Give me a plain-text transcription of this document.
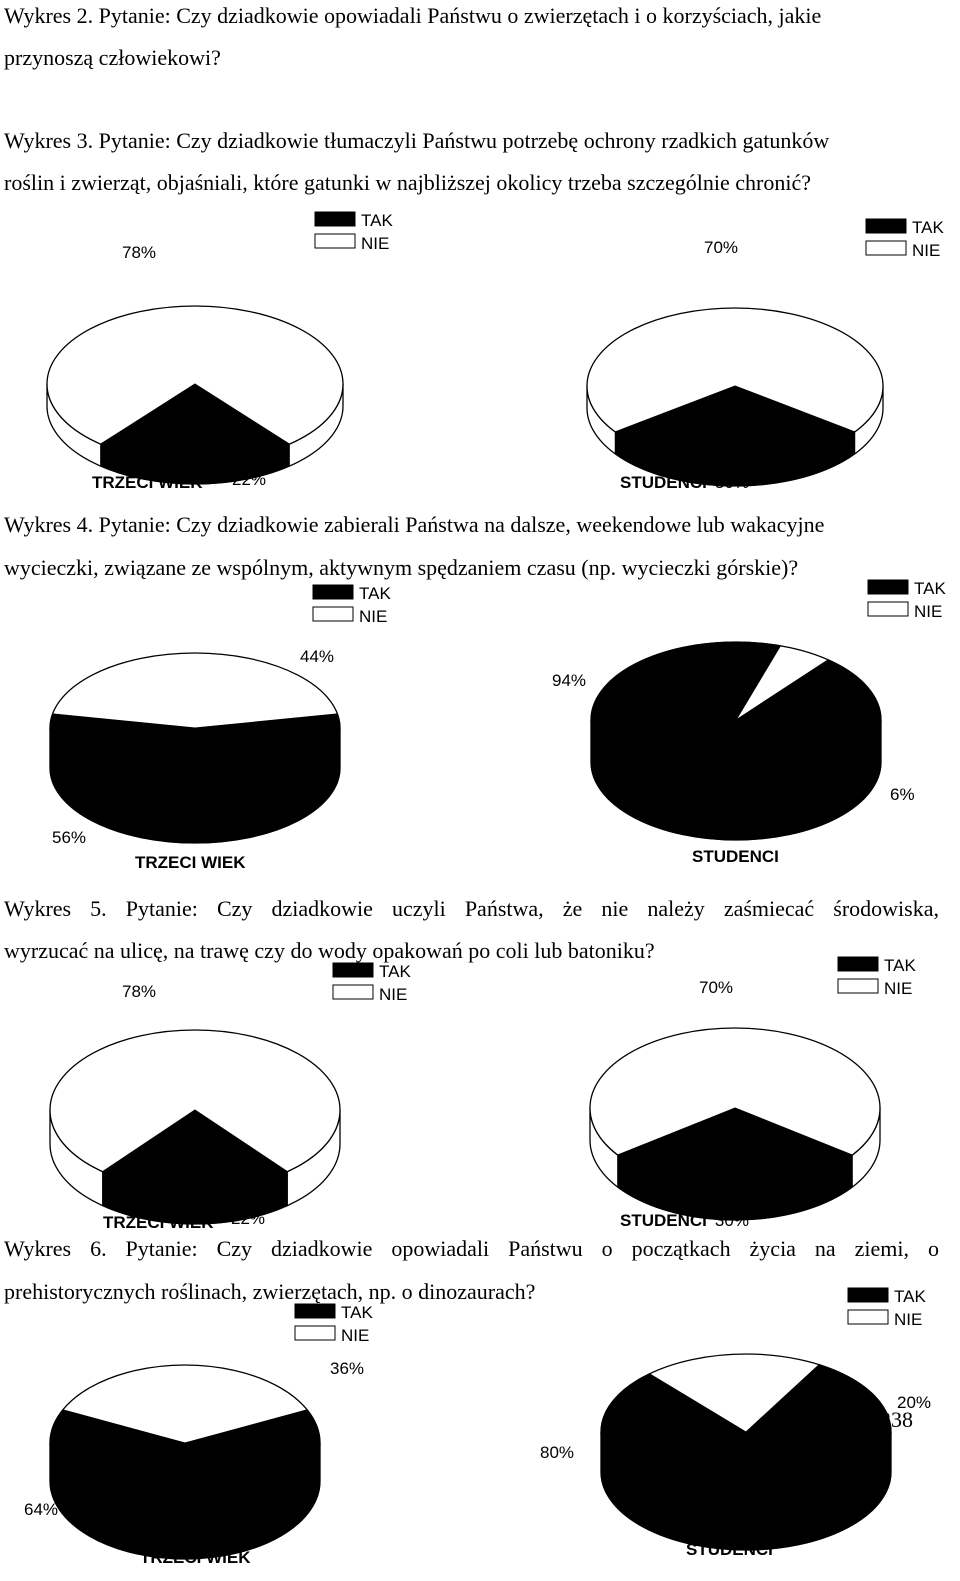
Wykres 2. Pytanie: Czy dziadkowie opowiadali Państwu o zwierzętach i o korzyściach, jakie
przynoszą człowiekowi?
Wykres 3. Pytanie: Czy dziadkowie tłumaczyli Państwu potrzebę ochrony rzadkich gatunków
roślin i zwierząt, objaśniali, które gatunki w najbliższej okolicy trzeba szczególnie chronić?
Wykres 4. Pytanie: Czy dziadkowie zabierali Państwa na dalsze, weekendowe lub wakacyjne
wycieczki, związane ze wspólnym, aktywnym spędzaniem czasu (np. wycieczki górskie)?
Wykres 5. Pytanie: Czy dziadkowie uczyli Państwa, że nie należy zaśmiecać środowiska,
wyrzucać na ulicę, na trawę czy do wody opakowań po coli lub batoniku?
Wykres 6. Pytanie: Czy dziadkowie opowiadali Państwu o początkach życia na ziemi, o
prehistorycznych roślinach, zwierzętach, np. o dinozaurach?
TAK
NIE
TRZECI WIEK 22%
78%
TAK
NIE
STUDENCI 30%
70%
TAK
NIE
TRZECI WIEK
56%
44%
TAK
NIE
STUDENCI
94%
6%
TAK
NIE
TRZECI WIEK 22%
78%
TAK
NIE
STUDENCI 30%
70%
TAK
NIE
TRZECI WIEK
64%
36%
TAK
NIE
STUDENCI
80%
20%
238
